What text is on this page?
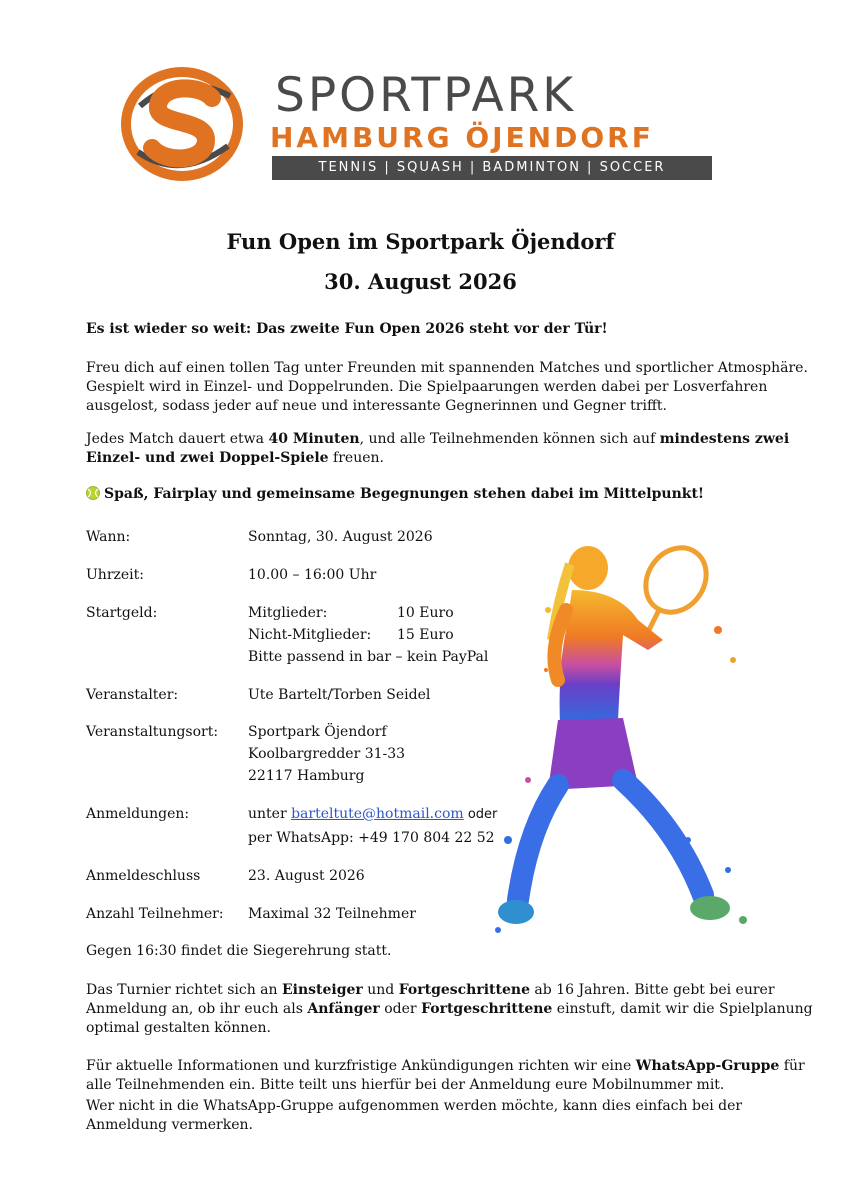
SPORTPARK
HAMBURG ÖJENDORF
TENNIS | SQUASH | BADMINTON | SOCCER
Fun Open im Sportpark Öjendorf
30. August 2026
Es ist wieder so weit: Das zweite Fun Open 2026 steht vor der Tür!
Freu dich auf einen tollen Tag unter Freunden mit spannenden Matches und sportlicher Atmosphäre.
Gespielt wird in Einzel- und Doppelrunden. Die Spielpaarungen werden dabei per Losverfahren
ausgelost, sodass jeder auf neue und interessante Gegnerinnen und Gegner trifft.
Jedes Match dauert etwa 40 Minuten, und alle Teilnehmenden können sich auf mindestens zwei
Einzel- und zwei Doppel-Spiele freuen.
Spaß, Fairplay und gemeinsame Begegnungen stehen dabei im Mittelpunkt!
Wann:	Sonntag, 30. August 2026
Uhrzeit:	10.00 – 16:00 Uhr
Startgeld:	Mitglieder:	10 Euro
Nicht-Mitglieder: 15 Euro
Bitte passend in bar – kein PayPal
Veranstalter:	Ute Bartelt/Torben Seidel
Veranstaltungsort: Sportpark Öjendorf
Koolbargredder 31-33
22117 Hamburg
Anmeldungen:	unter barteltute@hotmail.com oder
per WhatsApp: +49 170 804 22 52
Anmeldeschluss	23. August 2026
Anzahl Teilnehmer: Maximal 32 Teilnehmer
Gegen 16:30 findet die Siegerehrung statt.
Das Turnier richtet sich an Einsteiger und Fortgeschrittene ab 16 Jahren. Bitte gebt bei eurer
Anmeldung an, ob ihr euch als Anfänger oder Fortgeschrittene einstuft, damit wir die Spielplanung
optimal gestalten können.
Für aktuelle Informationen und kurzfristige Ankündigungen richten wir eine WhatsApp-Gruppe für
alle Teilnehmenden ein. Bitte teilt uns hierfür bei der Anmeldung eure Mobilnummer mit.
Wer nicht in die WhatsApp-Gruppe aufgenommen werden möchte, kann dies einfach bei der
Anmeldung vermerken.
